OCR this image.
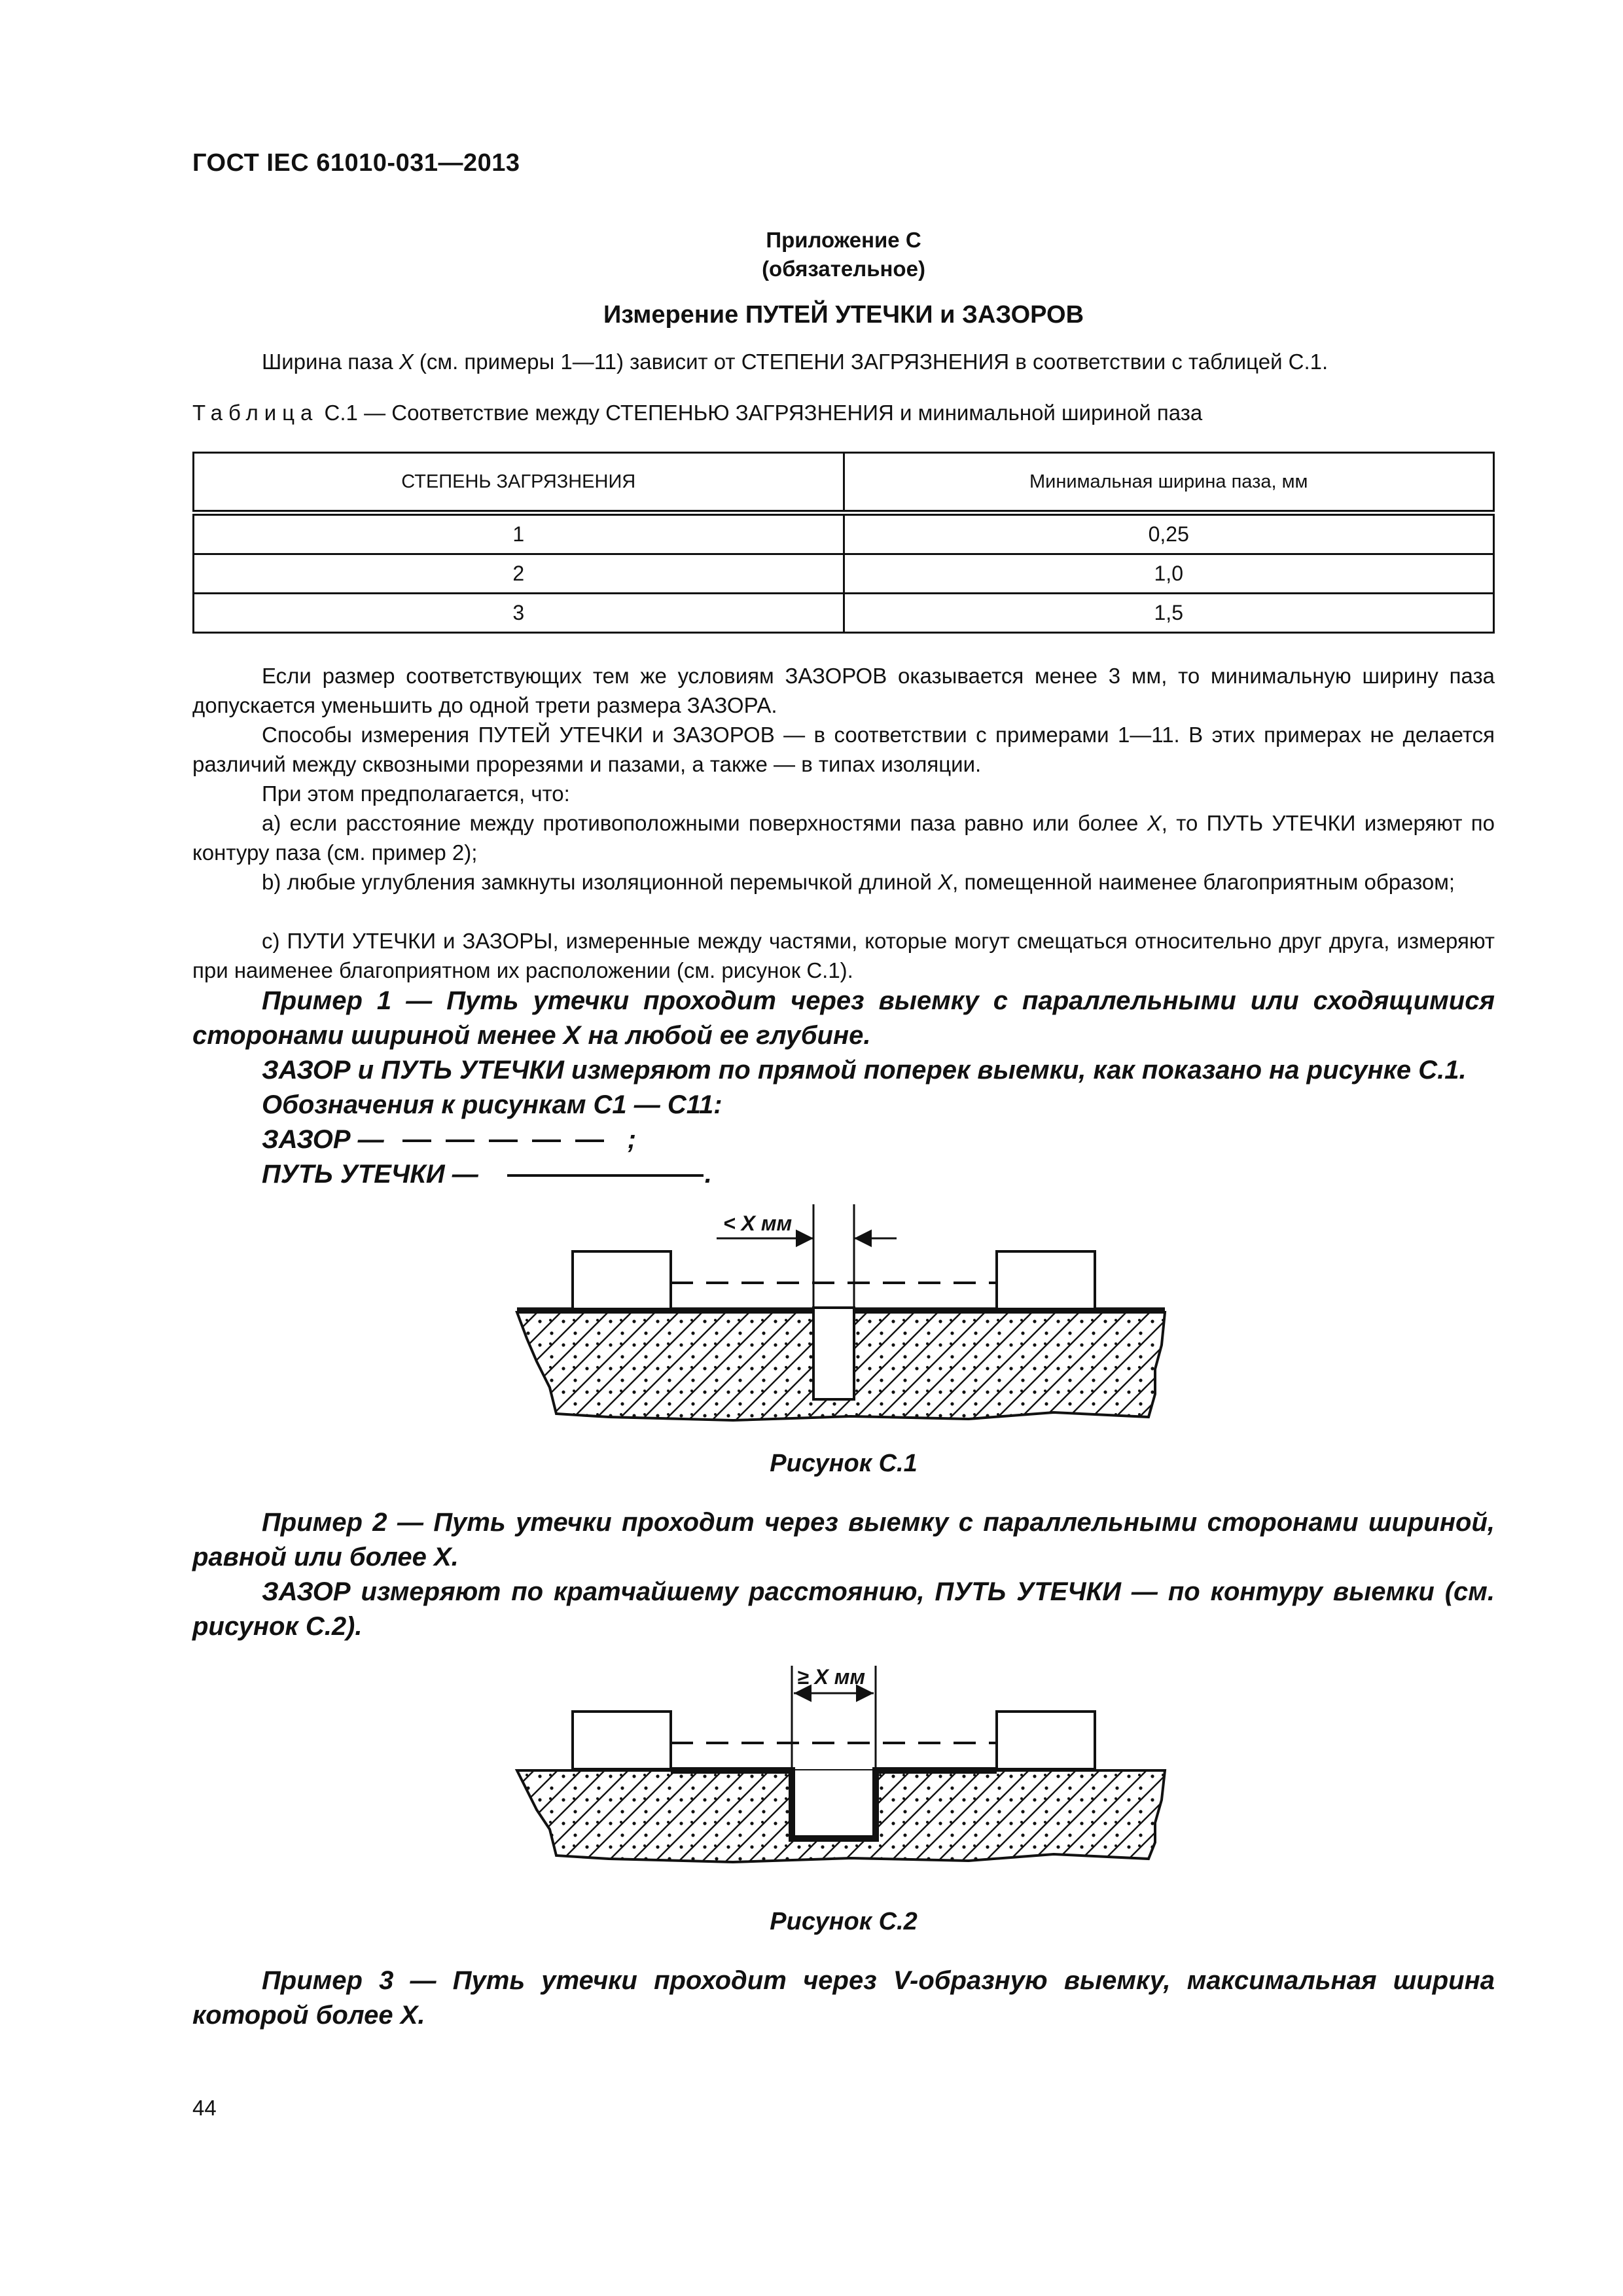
ГОСТ IEC 61010-031—2013
Приложение С
(обязательное)
Измерение ПУТЕЙ УТЕЧКИ и ЗАЗОРОВ
Ширина паза X (см. примеры 1—11) зависит от СТЕПЕНИ ЗАГРЯЗНЕНИЯ в соответствии с таблицей С.1.
Таблица С.1 — Соответствие между СТЕПЕНЬЮ ЗАГРЯЗНЕНИЯ и минимальной шириной паза
СТЕПЕНЬ ЗАГРЯЗНЕНИЯ	Минимальная ширина паза, мм
1	0,25
2	1,0
3	1,5
Если размер соответствующих тем же условиям ЗАЗОРОВ оказывается менее 3 мм, то минимальную ширину паза допускается уменьшить до одной трети размера ЗАЗОРА.
Способы измерения ПУТЕЙ УТЕЧКИ и ЗАЗОРОВ — в соответствии с примерами 1—11. В этих примерах не делается различий между сквозными прорезями и пазами, а также — в типах изоляции.
При этом предполагается, что:
а) если расстояние между противоположными поверхностями паза равно или более X, то ПУТЬ УТЕЧКИ измеряют по контуру паза (см. пример 2);
b) любые углубления замкнуты изоляционной перемычкой длиной X, помещенной наименее благоприятным образом;
с) ПУТИ УТЕЧКИ и ЗАЗОРЫ, измеренные между частями, которые могут смещаться относительно друг друга, измеряют при наименее благоприятном их расположении (см. рисунок С.1).
Пример 1 — Путь утечки проходит через выемку с параллельными или сходящимися сторонами шириной менее X на любой ее глубине.
ЗАЗОР и ПУТЬ УТЕЧКИ измеряют по прямой поперек выемки, как показано на рисунке С.1.
Обозначения к рисункам С1 — С11:
ЗАЗОР —	;
ПУТЬ УТЕЧКИ —	.
< X мм
Рисунок С.1
Пример 2 — Путь утечки проходит через выемку с параллельными сторонами шириной, равной или более X.
ЗАЗОР измеряют по кратчайшему расстоянию, ПУТЬ УТЕЧКИ — по контуру выемки (см. рисунок С.2).
≥ X мм
Рисунок С.2
Пример 3 — Путь утечки проходит через V-образную выемку, максимальная ширина которой более X.
44
